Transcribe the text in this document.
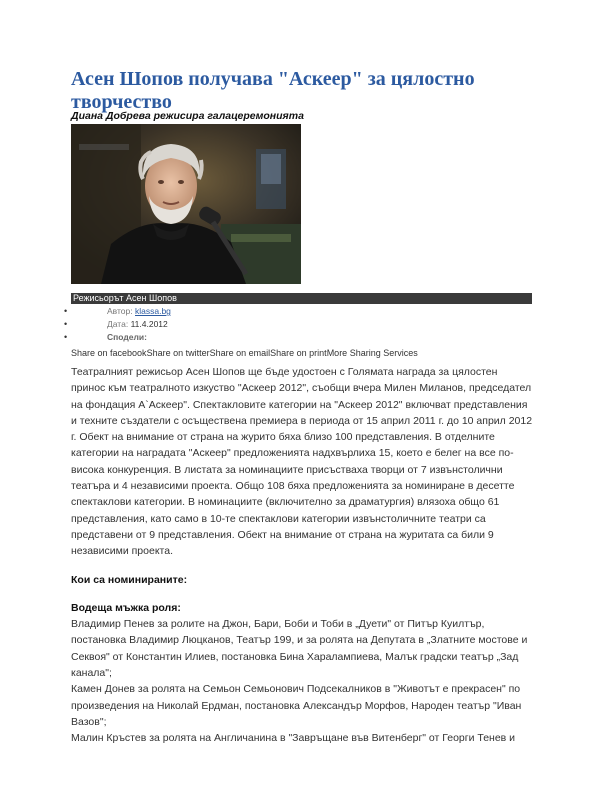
Асен Шопов получава "Аскеер" за цялостно творчество
Диана Добрева режисира галацеремонията
Режисьорът Асен Шопов
•	Автор: klassa.bg
•	Дата: 11.4.2012
•	Сподели:
Share on facebookShare on twitterShare on emailShare on printMore Sharing Services

Театралният режисьор Асен Шопов ще бъде удостоен с Голямата награда за цялостен принос към театралното изкуство "Аскеер 2012", съобщи вчера Милен Миланов, председател на фондация А`Аскеер". Спектакловите категории на "Аскеер 2012" включват представления и техните създатели с осъществена премиера в периода от 15 април 2011 г. до 10 април 2012 г. Обект на внимание от страна на журито бяха близо 100 представления. В отделните категории на наградата "Аскеер" предложенията надхвърлиха 15, което е белег на все по-висока конкуренция. В листата за номинациите присъстваха творци от 7 извънстолични театъра и 4 независими проекта. Общо 108 бяха предложенията за номиниране в десетте спектаклови категории. В номинациите (включително за драматургия) влязоха общо 61 представления, като само в 10-те спектаклови категории извънстоличните театри са представени от 9 представления. Обект на внимание от страна на журитата са били 9 независими проекта.

Кои са номинираните:

Водеща мъжка роля:

Владимир Пенев за ролите на Джон, Бари, Боби и Тоби в „Дуети" от Питър Куилтър, постановка Владимир Люцканов, Театър 199, и за ролята на Депутата в „Златните мостове и Секвоя" от Константин Илиев, постановка Бина Харалампиева, Малък градски театър „Зад канала";

Камен Донев за ролята на Семьон Семьонович Подсекалников в "Животът е прекрасен" по произведения на Николай Ердман, постановка Александър Морфов, Народен театър "Иван Вазов";

Малин Кръстев за ролята на Англичанина в "Завръщане във Витенберг" от Георги Тенев и
